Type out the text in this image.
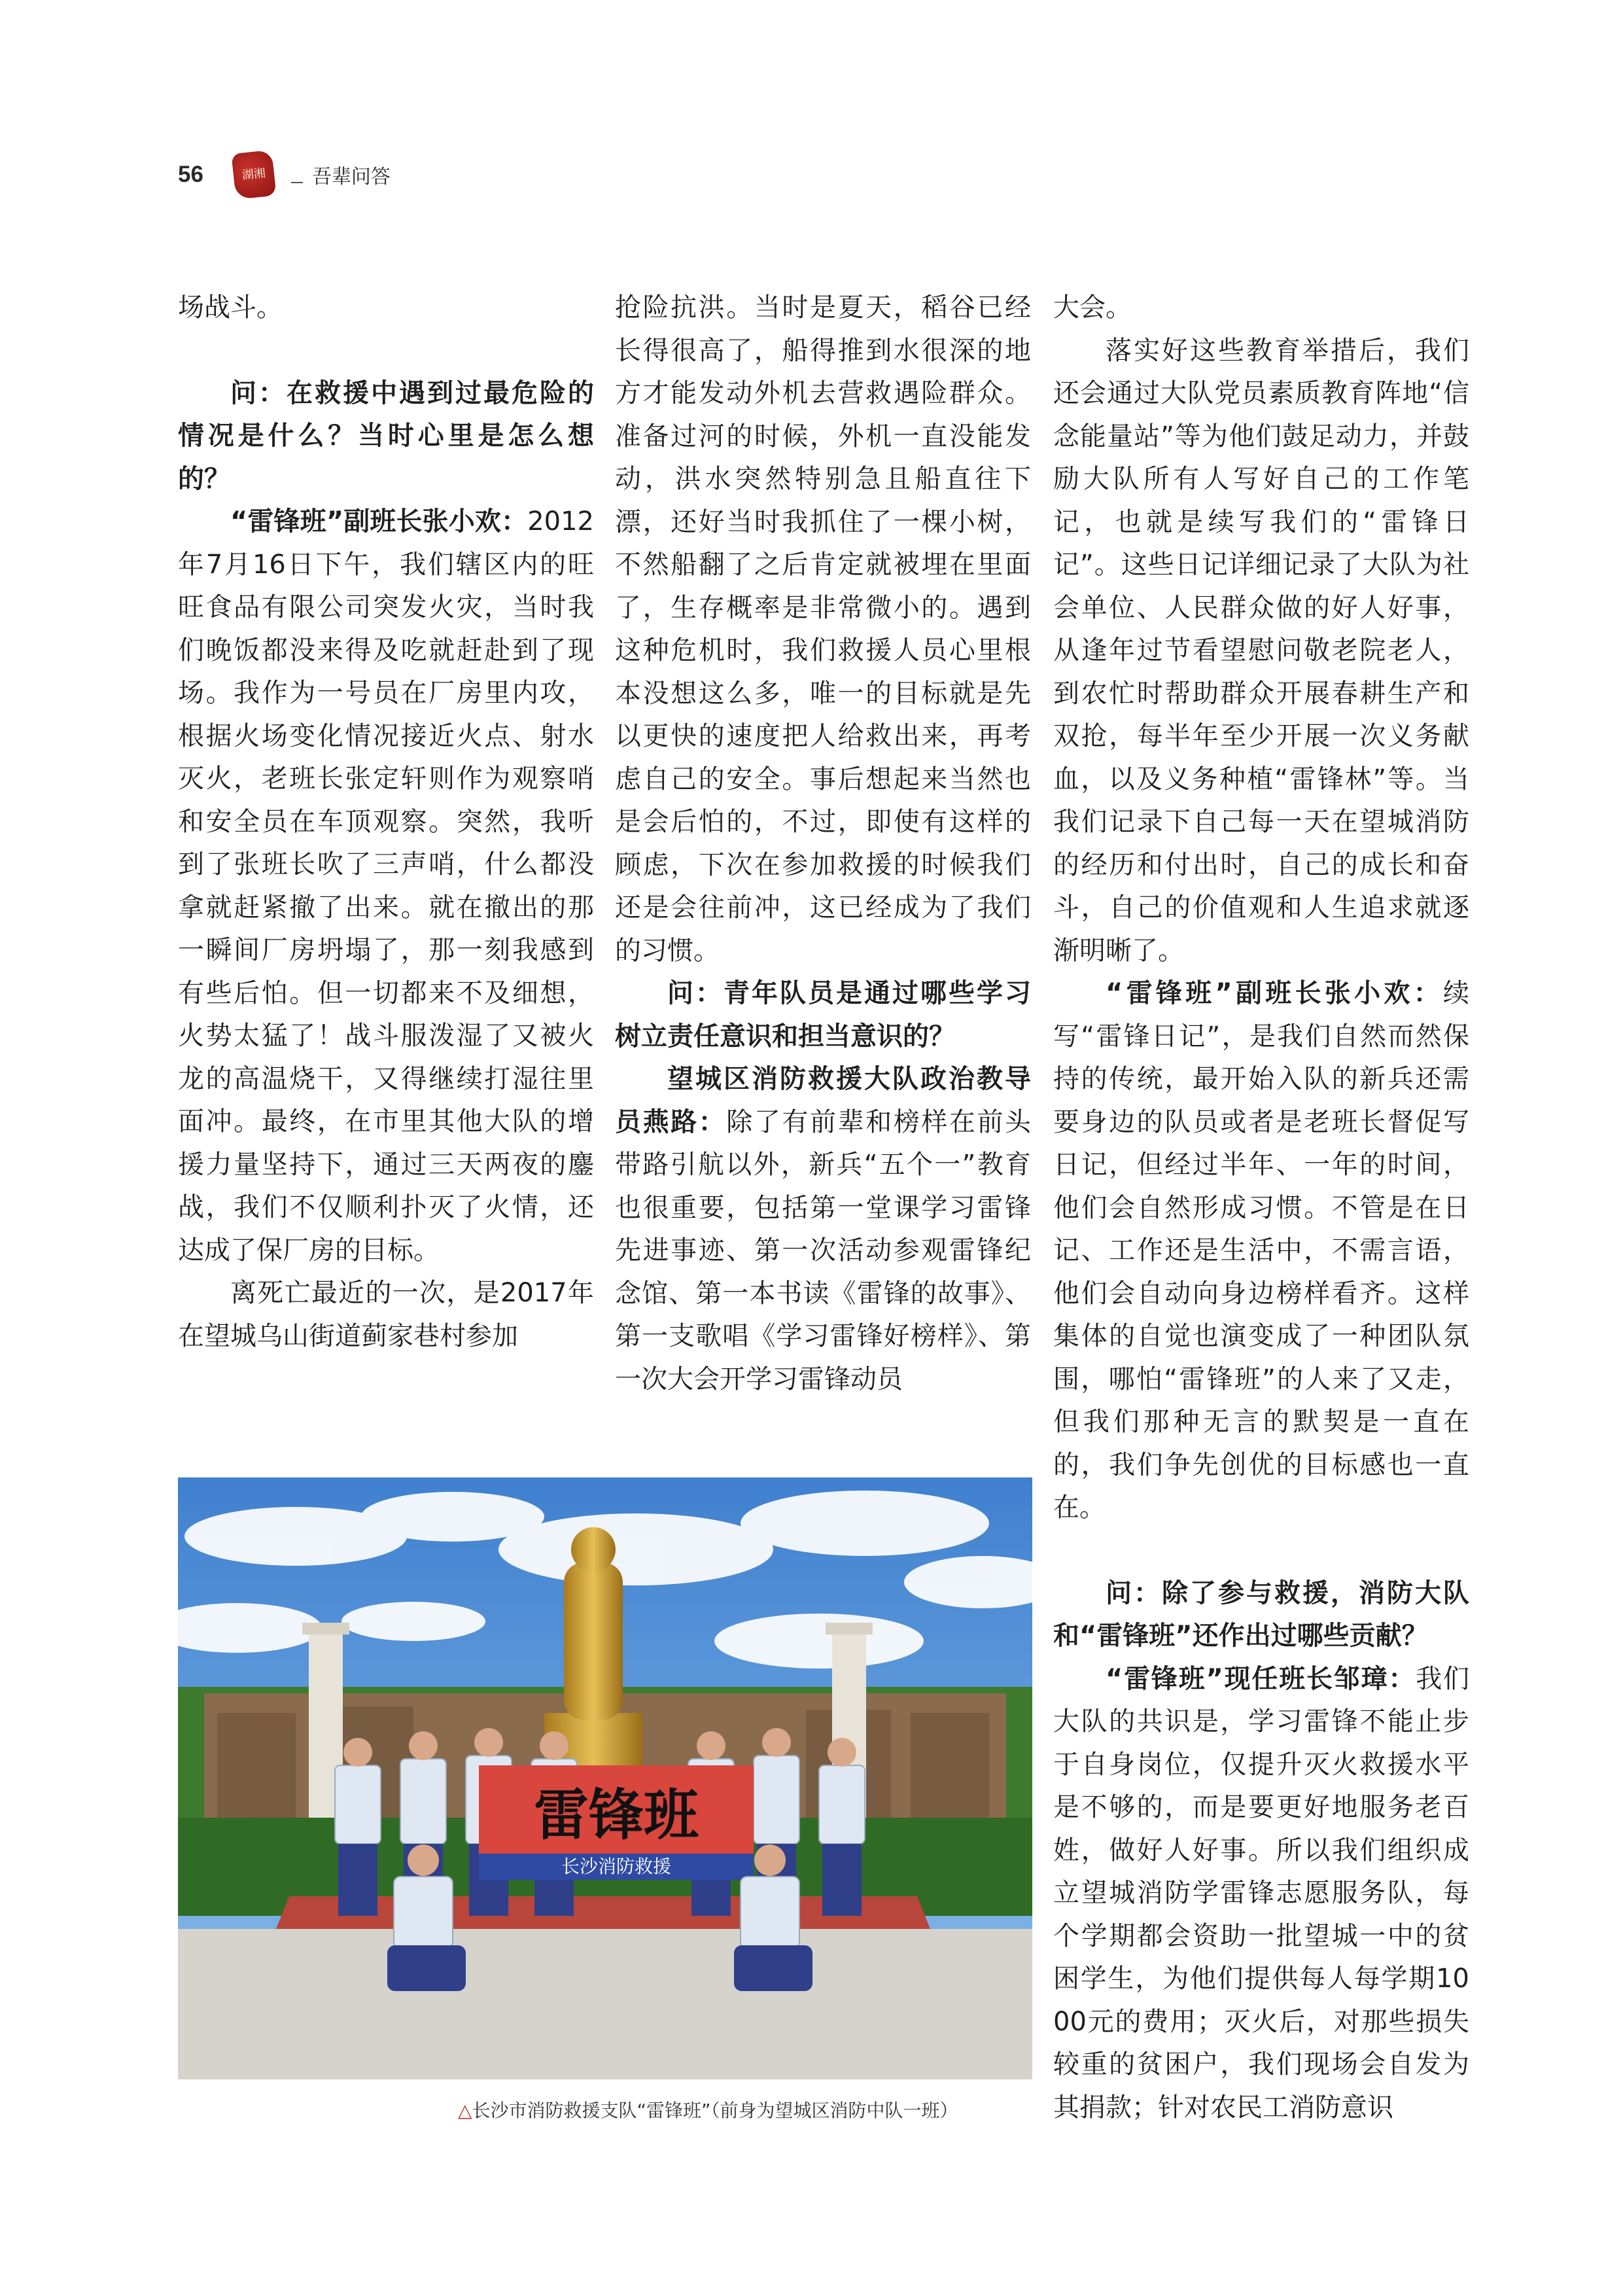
56	湖
湘 吾辈问答

场战斗。

问：在救援中遇到过最危险的情况是什么？当时心里是怎么想的？

“雷锋班”副班长张小欢：2012年7月16日下午，我们辖区内的旺旺食品有限公司突发火灾，当时我们晚饭都没来得及吃就赶赴到了现场。我作为一号员在厂房里内攻，根据火场变化情况接近火点、射水灭火，老班长张定轩则作为观察哨和安全员在车顶观察。突然，我听到了张班长吹了三声哨，什么都没拿就赶紧撤了出来。就在撤出的那一瞬间厂房坍塌了，那一刻我感到有些后怕。但一切都来不及细想，火势太猛了！战斗服泼湿了又被火龙的高温烧干，又得继续打湿往里面冲。最终，在市里其他大队的增援力量坚持下，通过三天两夜的鏖战，我们不仅顺利扑灭了火情，还达成了保厂房的目标。

离死亡最近的一次，是2017年在望城乌山街道蓟家巷村参加

抢险抗洪。当时是夏天，稻谷已经长得很高了，船得推到水很深的地方才能发动外机去营救遇险群众。准备过河的时候，外机一直没能发动，洪水突然特别急且船直往下漂，还好当时我抓住了一棵小树，不然船翻了之后肯定就被埋在里面了，生存概率是非常微小的。遇到这种危机时，我们救援人员心里根本没想这么多，唯一的目标就是先以更快的速度把人给救出来，再考虑自己的安全。事后想起来当然也是会后怕的，不过，即使有这样的顾虑，下次在参加救援的时候我们还是会往前冲，这已经成为了我们的习惯。

问：青年队员是通过哪些学习树立责任意识和担当意识的？

望城区消防救援大队政治教导员燕路：除了有前辈和榜样在前头带路引航以外，新兵“五个一”教育也很重要，包括第一堂课学习雷锋先进事迹、第一次活动参观雷锋纪念馆、第一本书读《雷锋的故事》、第一支歌唱《学习雷锋好榜样》、第一次大会开学习雷锋动员

大会。

落实好这些教育举措后，我们还会通过大队党员素质教育阵地“信念能量站”等为他们鼓足动力，并鼓励大队所有人写好自己的工作笔记，也就是续写我们的“雷锋日记”。这些日记详细记录了大队为社会单位、人民群众做的好人好事，从逢年过节看望慰问敬老院老人，到农忙时帮助群众开展春耕生产和双抢，每半年至少开展一次义务献血，以及义务种植“雷锋林”等。当我们记录下自己每一天在望城消防的经历和付出时，自己的成长和奋斗，自己的价值观和人生追求就逐渐明晰了。

“雷锋班”副班长张小欢：续写“雷锋日记”，是我们自然而然保持的传统，最开始入队的新兵还需要身边的队员或者是老班长督促写日记，但经过半年、一年的时间，他们会自然形成习惯。不管是在日记、工作还是生活中，不需言语，他们会自动向身边榜样看齐。这样集体的自觉也演变成了一种团队氛围，哪怕“雷锋班”的人来了又走，但我们那种无言的默契是一直在的，我们争先创优的目标感也一直在。

问：除了参与救援，消防大队和“雷锋班”还作出过哪些贡献？

“雷锋班”现任班长邹璋：我们大队的共识是，学习雷锋不能止步于自身岗位，仅提升灭火救援水平是不够的，而是要更好地服务老百姓，做好人好事。所以我们组织成立望城消防学雷锋志愿服务队，每个学期都会资助一批望城一中的贫困学生，为他们提供每人每学期1000元的费用；灭火后，对那些损失较重的贫困户，我们现场会自发为其捐款；针对农民工消防意识

雷锋班
长沙消防救援
△长沙市消防救援支队“雷锋班”（前身为望城区消防中队一班）
